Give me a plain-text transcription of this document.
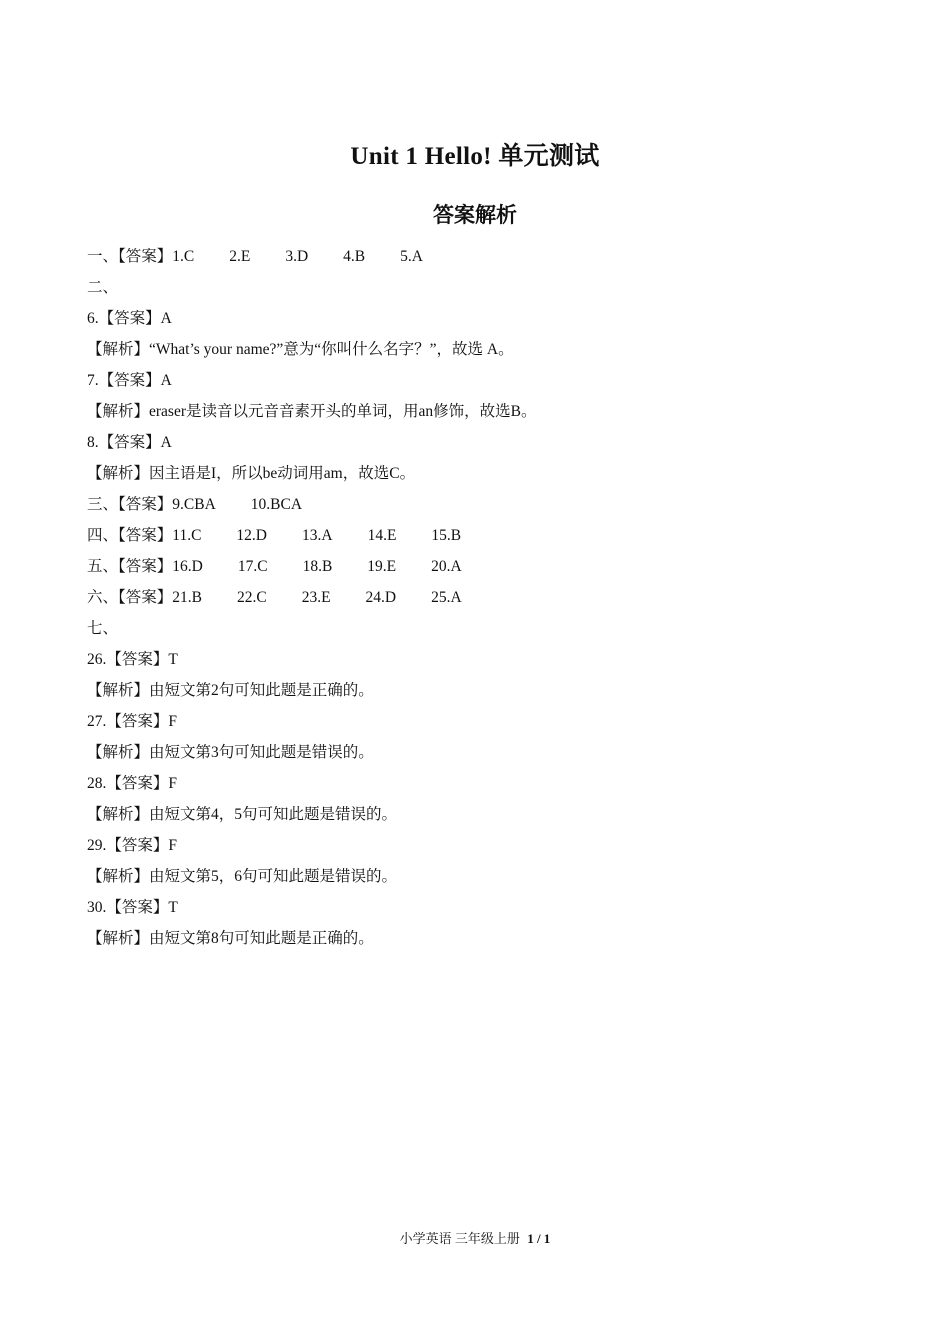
Unit 1 Hello! 单元测试
答案解析
一、【答案】1.C 2.E 3.D 4.B 5.A
二、
6.【答案】A
【解析】“What’s your name?”意为“你叫什么名字？”，故选 A。
7.【答案】A
【解析】eraser是读音以元音音素开头的单词，用an修饰，故选B。
8.【答案】A
【解析】因主语是I，所以be动词用am，故选C。
三、【答案】9.CBA 10.BCA
四、【答案】11.C 12.D 13.A 14.E 15.B
五、【答案】16.D 17.C 18.B 19.E 20.A
六、【答案】21.B 22.C 23.E 24.D 25.A
七、
26.【答案】T
【解析】由短文第2句可知此题是正确的。
27.【答案】F
【解析】由短文第3句可知此题是错误的。
28.【答案】F
【解析】由短文第4，5句可知此题是错误的。
29.【答案】F
【解析】由短文第5，6句可知此题是错误的。
30.【答案】T
【解析】由短文第8句可知此题是正确的。
小学英语 三年级上册 1 / 1
